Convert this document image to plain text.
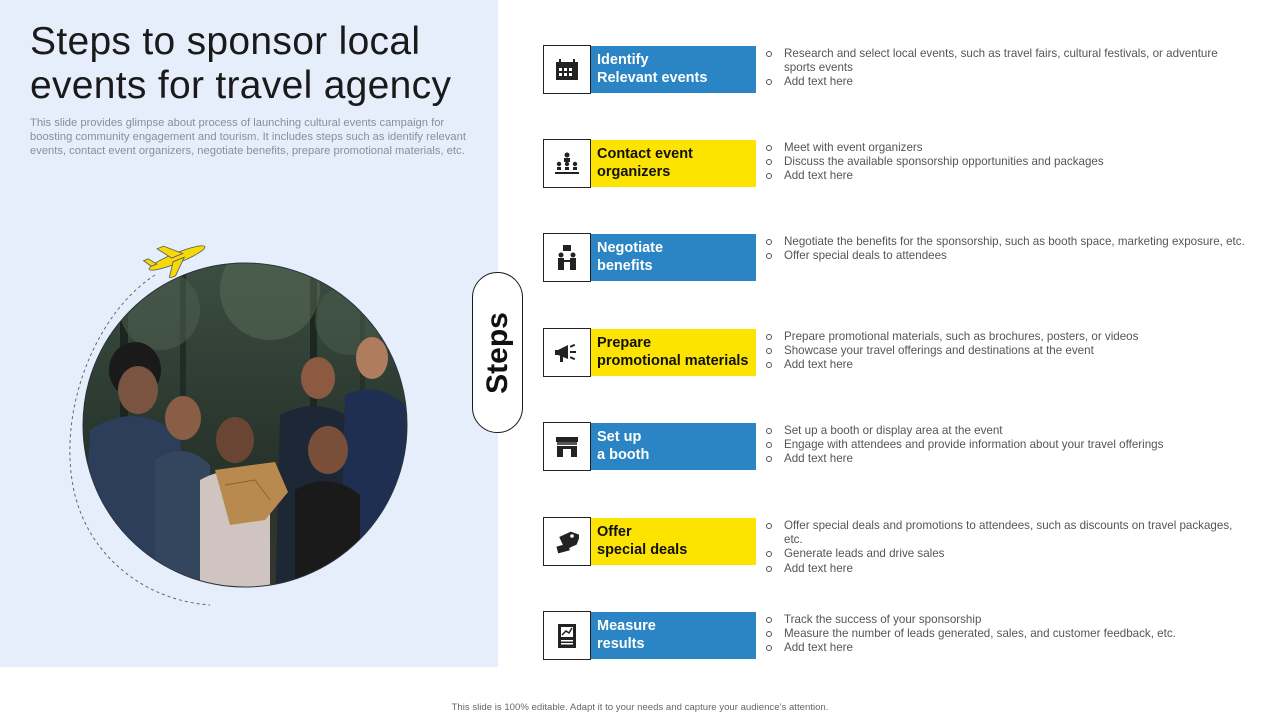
Steps to sponsor local events for travel agency

This slide provides glimpse about process of launching cultural events campaign for boosting community engagement and tourism. It includes steps such as identify relevant events, contact event organizers, negotiate benefits, prepare promotional materials, etc.

Steps
Identify
Relevant events
Research and select local events, such as travel fairs, cultural festivals, or adventure sports events
Add text here
Contact event
organizers
Meet with event organizers
Discuss the available sponsorship opportunities and packages
Add text here
Negotiate
benefits
Negotiate the benefits for the sponsorship, such as booth space, marketing exposure, etc.
Offer special deals to attendees
Prepare
promotional materials
Prepare promotional materials, such as brochures, posters, or videos
Showcase your travel offerings and destinations at the event
Add text here
Set up
a booth
Set up a booth or display area at the event
Engage with attendees and provide information about your travel offerings
Add text here
Offer
special deals
Offer special deals and promotions to attendees, such as discounts on travel packages, etc.
Generate leads and drive sales
Add text here
Measure
results
Track the success of your sponsorship
Measure the number of leads generated, sales, and customer feedback, etc.
Add text here
This slide is 100% editable. Adapt it to your needs and capture your audience’s attention.
